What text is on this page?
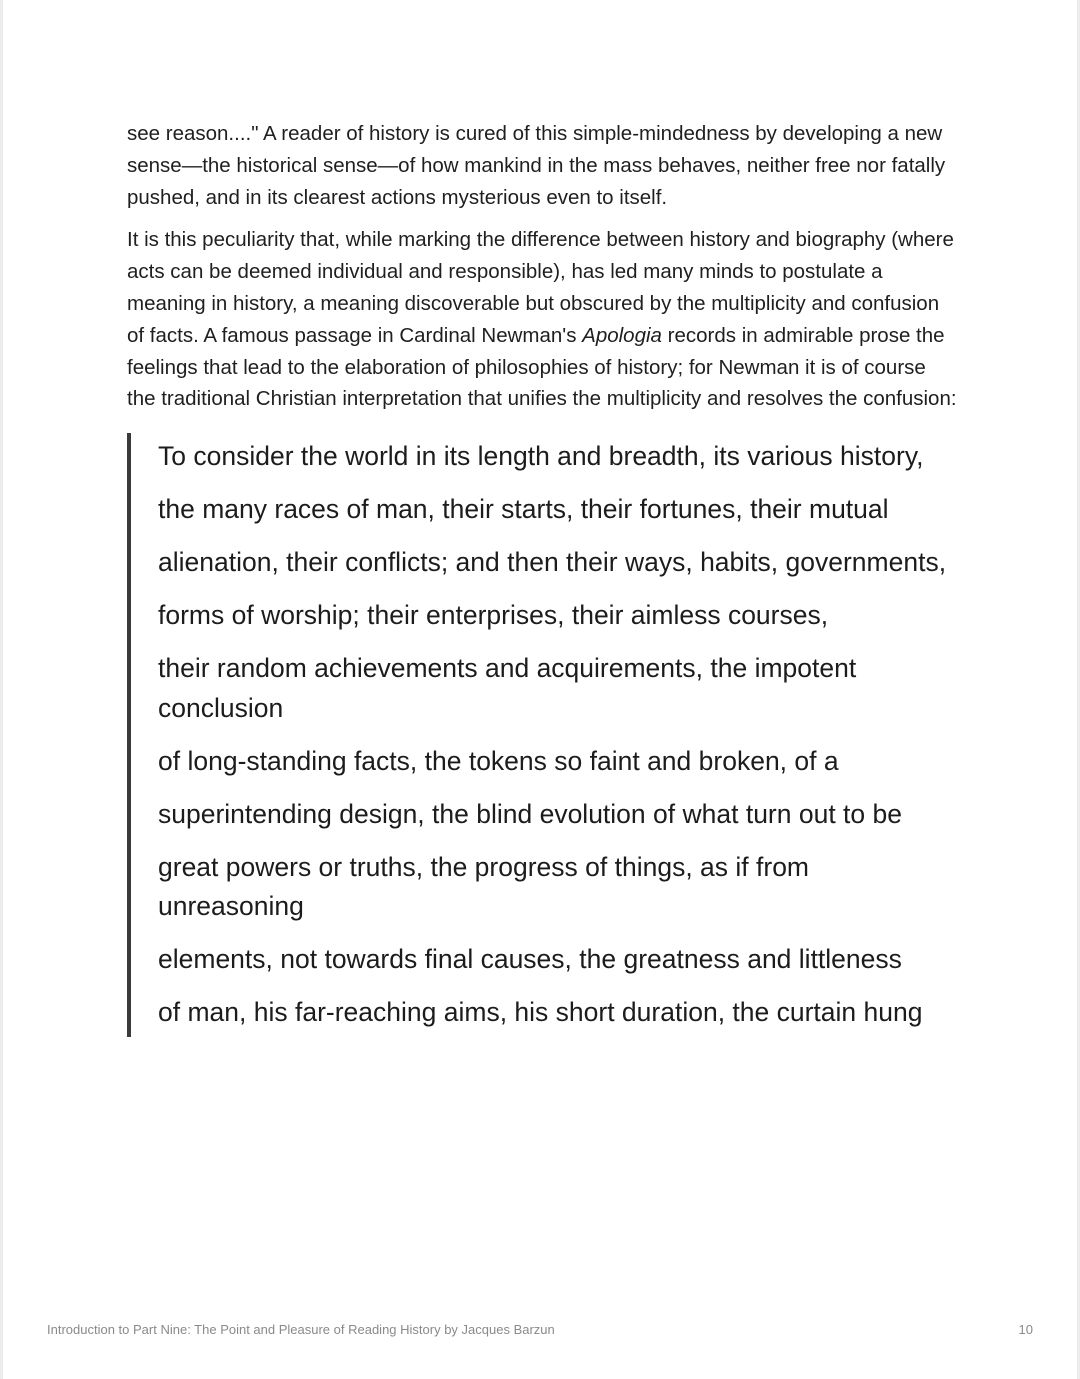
see reason...." A reader of history is cured of this simple-mindedness by developing a new sense—the historical sense—of how mankind in the mass behaves, neither free nor fatally pushed, and in its clearest actions mysterious even to itself.

It is this peculiarity that, while marking the difference between history and biography (where acts can be deemed individual and responsible), has led many minds to postulate a meaning in history, a meaning discoverable but obscured by the multiplicity and confusion of facts. A famous passage in Cardinal Newman's Apologia records in admirable prose the feelings that lead to the elaboration of philosophies of history; for Newman it is of course the traditional Christian interpretation that unifies the multiplicity and resolves the confusion:

To consider the world in its length and breadth, its various history,

the many races of man, their starts, their fortunes, their mutual

alienation, their conflicts; and then their ways, habits, governments,

forms of worship; their enterprises, their aimless courses,

their random achievements and acquirements, the impotent conclusion

of long-standing facts, the tokens so faint and broken, of a

superintending design, the blind evolution of what turn out to be

great powers or truths, the progress of things, as if from unreasoning

elements, not towards final causes, the greatness and littleness

of man, his far-reaching aims, his short duration, the curtain hung

Introduction to Part Nine: The Point and Pleasure of Reading History by Jacques Barzun	10
